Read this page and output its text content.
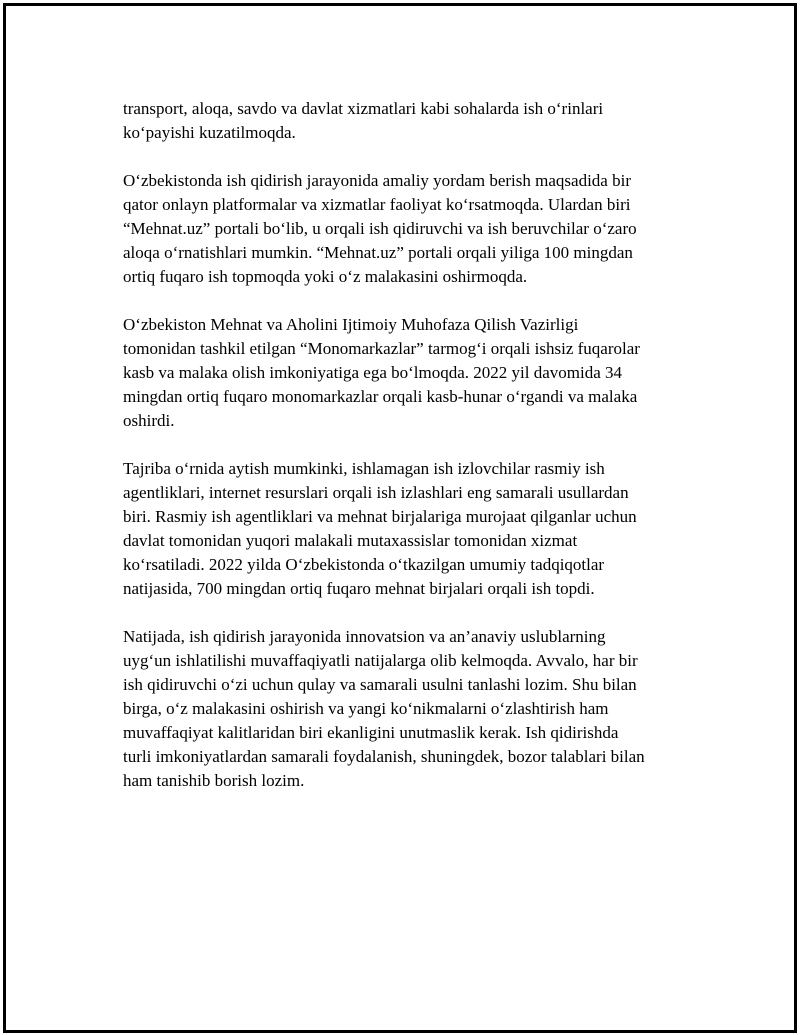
transport, aloqa, savdo va davlat xizmatlari kabi sohalarda ish oʻrinlari
koʻpayishi kuzatilmoqda.

Oʻzbekistonda ish qidirish jarayonida amaliy yordam berish maqsadida bir
qator onlayn platformalar va xizmatlar faoliyat koʻrsatmoqda. Ulardan biri
“Mehnat.uz” portali boʻlib, u orqali ish qidiruvchi va ish beruvchilar oʻzaro
aloqa oʻrnatishlari mumkin. “Mehnat.uz” portali orqali yiliga 100 mingdan
ortiq fuqaro ish topmoqda yoki oʻz malakasini oshirmoqda.

Oʻzbekiston Mehnat va Aholini Ijtimoiy Muhofaza Qilish Vazirligi
tomonidan tashkil etilgan “Monomarkazlar” tarmogʻi orqali ishsiz fuqarolar
kasb va malaka olish imkoniyatiga ega boʻlmoqda. 2022 yil davomida 34
mingdan ortiq fuqaro monomarkazlar orqali kasb-hunar oʻrgandi va malaka
oshirdi.

Tajriba oʻrnida aytish mumkinki, ishlamagan ish izlovchilar rasmiy ish
agentliklari, internet resurslari orqali ish izlashlari eng samarali usullardan
biri. Rasmiy ish agentliklari va mehnat birjalariga murojaat qilganlar uchun
davlat tomonidan yuqori malakali mutaxassislar tomonidan xizmat
koʻrsatiladi. 2022 yilda Oʻzbekistonda oʻtkazilgan umumiy tadqiqotlar
natijasida, 700 mingdan ortiq fuqaro mehnat birjalari orqali ish topdi.

Natijada, ish qidirish jarayonida innovatsion va an’anaviy uslublarning
uygʻun ishlatilishi muvaffaqiyatli natijalarga olib kelmoqda. Avvalo, har bir
ish qidiruvchi oʻzi uchun qulay va samarali usulni tanlashi lozim. Shu bilan
birga, oʻz malakasini oshirish va yangi koʻnikmalarni oʻzlashtirish ham
muvaffaqiyat kalitlaridan biri ekanligini unutmaslik kerak. Ish qidirishda
turli imkoniyatlardan samarali foydalanish, shuningdek, bozor talablari bilan
ham tanishib borish lozim.
